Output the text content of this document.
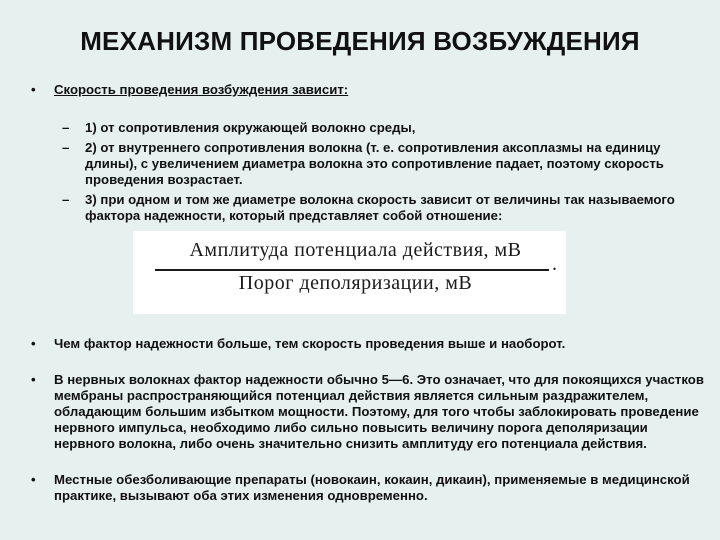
МЕХАНИЗМ ПРОВЕДЕНИЯ ВОЗБУЖДЕНИЯ
• Скорость проведения возбуждения зависит:
– 1) от сопротивления окружающей волокно среды,
– 2) от внутреннего сопротивления волокна (т. е. сопротивления аксоплазмы на единицу длины), с увеличением диаметра волокна это сопротивление падает, поэтому скорость проведения возрастает.
– 3) при одном и том же диаметре волокна скорость зависит от величины так называемого фактора надежности, который представляет собой отношение:
Амплитуда потенциала действия, мВ
.
Порог деполяризации, мВ
• Чем фактор надежности больше, тем скорость проведения выше и наоборот.
• В нервных волокнах фактор надежности обычно 5—6. Это означает, что для покоящихся участков мембраны распространяющийся потенциал действия является сильным раздражителем, обладающим большим избытком мощности. Поэтому, для того чтобы заблокировать проведение нервного импульса, необходимо либо сильно повысить величину порога деполяризации нервного волокна, либо очень значительно снизить амплитуду его потенциала действия.
• Местные обезболивающие препараты (новокаин, кокаин, дикаин), применяемые в медицинской практике, вызывают оба этих изменения одновременно.
